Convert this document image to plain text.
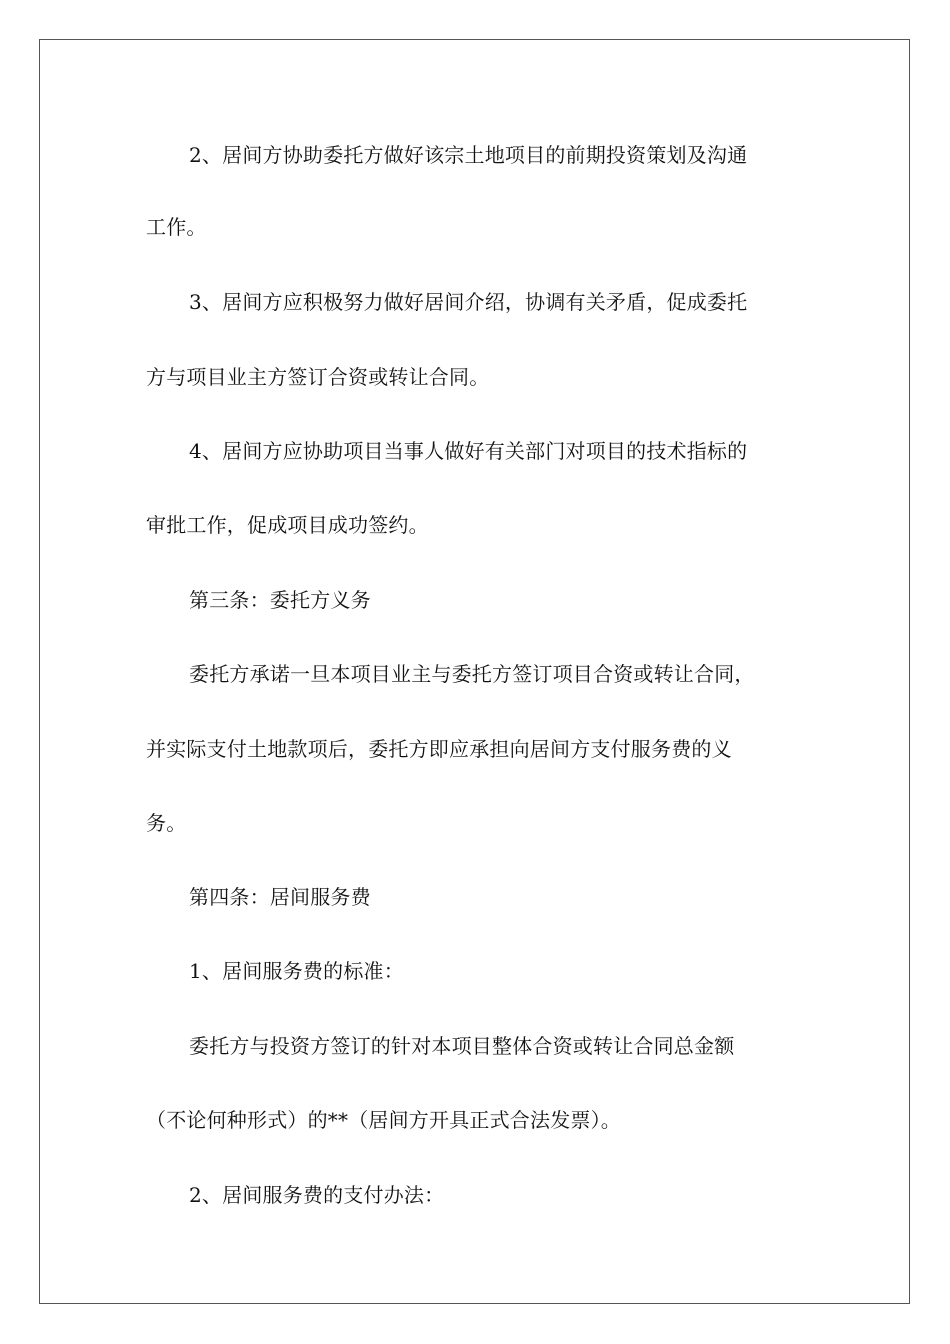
2、居间方协助委托方做好该宗土地项目的前期投资策划及沟通
工作。
3、居间方应积极努力做好居间介绍，协调有关矛盾，促成委托
方与项目业主方签订合资或转让合同。
4、居间方应协助项目当事人做好有关部门对项目的技术指标的
审批工作，促成项目成功签约。
第三条：委托方义务
委托方承诺一旦本项目业主与委托方签订项目合资或转让合同，
并实际支付土地款项后，委托方即应承担向居间方支付服务费的义
务。
第四条：居间服务费
1、居间服务费的标准：
委托方与投资方签订的针对本项目整体合资或转让合同总金额
（不论何种形式）的**（居间方开具正式合法发票）。
2、居间服务费的支付办法：
